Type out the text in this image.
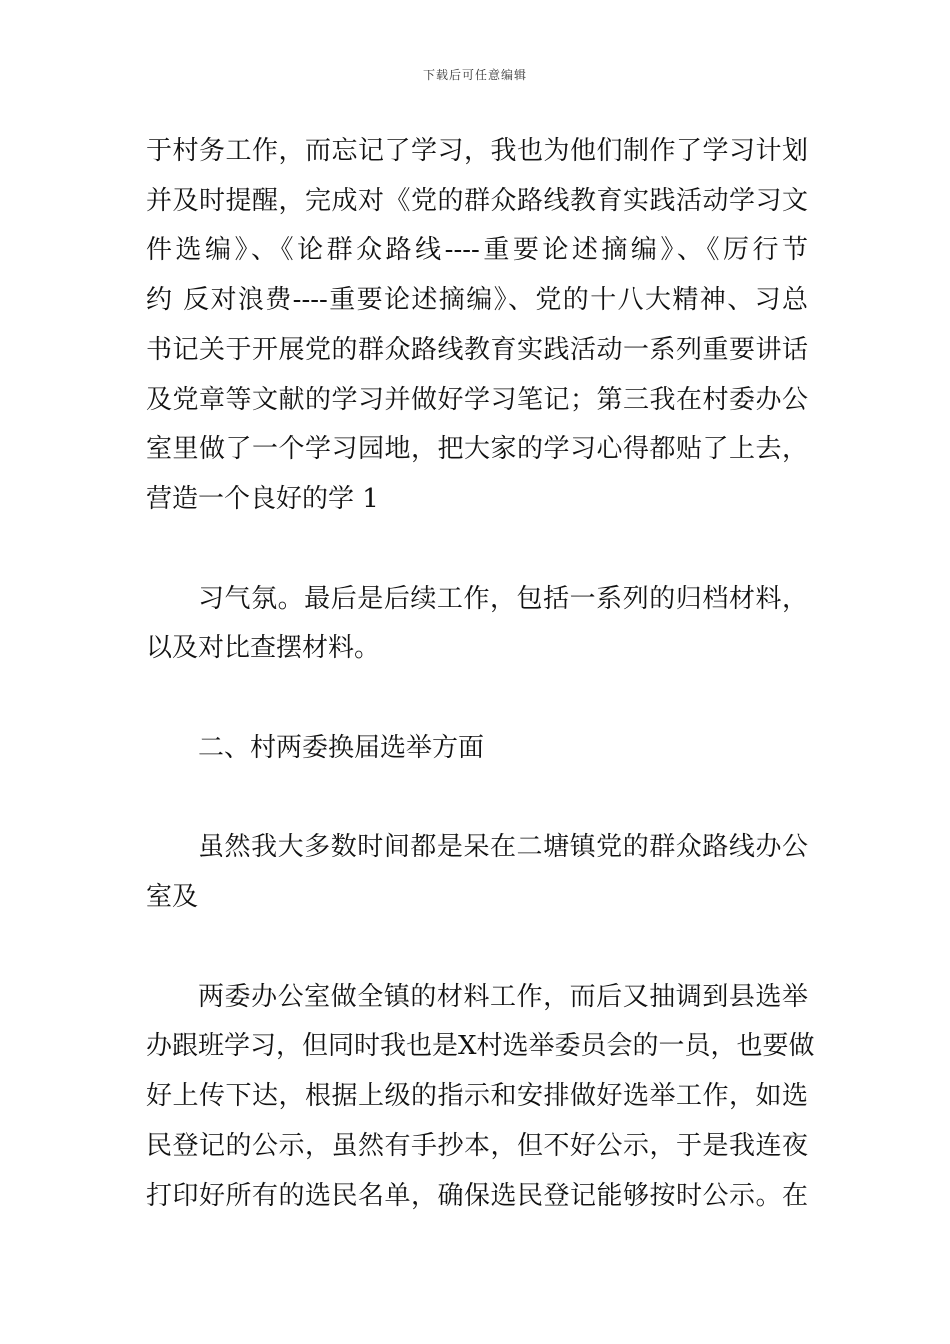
下载后可任意编辑
于村务工作，而忘记了学习，我也为他们制作了学习计划
并及时提醒，完成对《党的群众路线教育实践活动学习文
件选编》、《论群众路线----重要论述摘编》、《厉行节
约 反对浪费----重要论述摘编》、党的十八大精神、习总
书记关于开展党的群众路线教育实践活动一系列重要讲话
及党章等文献的学习并做好学习笔记；第三我在村委办公
室里做了一个学习园地，把大家的学习心得都贴了上去，
营造一个良好的学 1
习气氛。最后是后续工作，包括一系列的归档材料，
以及对比查摆材料。
二、村两委换届选举方面
虽然我大多数时间都是呆在二塘镇党的群众路线办公
室及
两委办公室做全镇的材料工作，而后又抽调到县选举
办跟班学习，但同时我也是X村选举委员会的一员，也要做
好上传下达，根据上级的指示和安排做好选举工作，如选
民登记的公示，虽然有手抄本，但不好公示，于是我连夜
打印好所有的选民名单，确保选民登记能够按时公示。在
